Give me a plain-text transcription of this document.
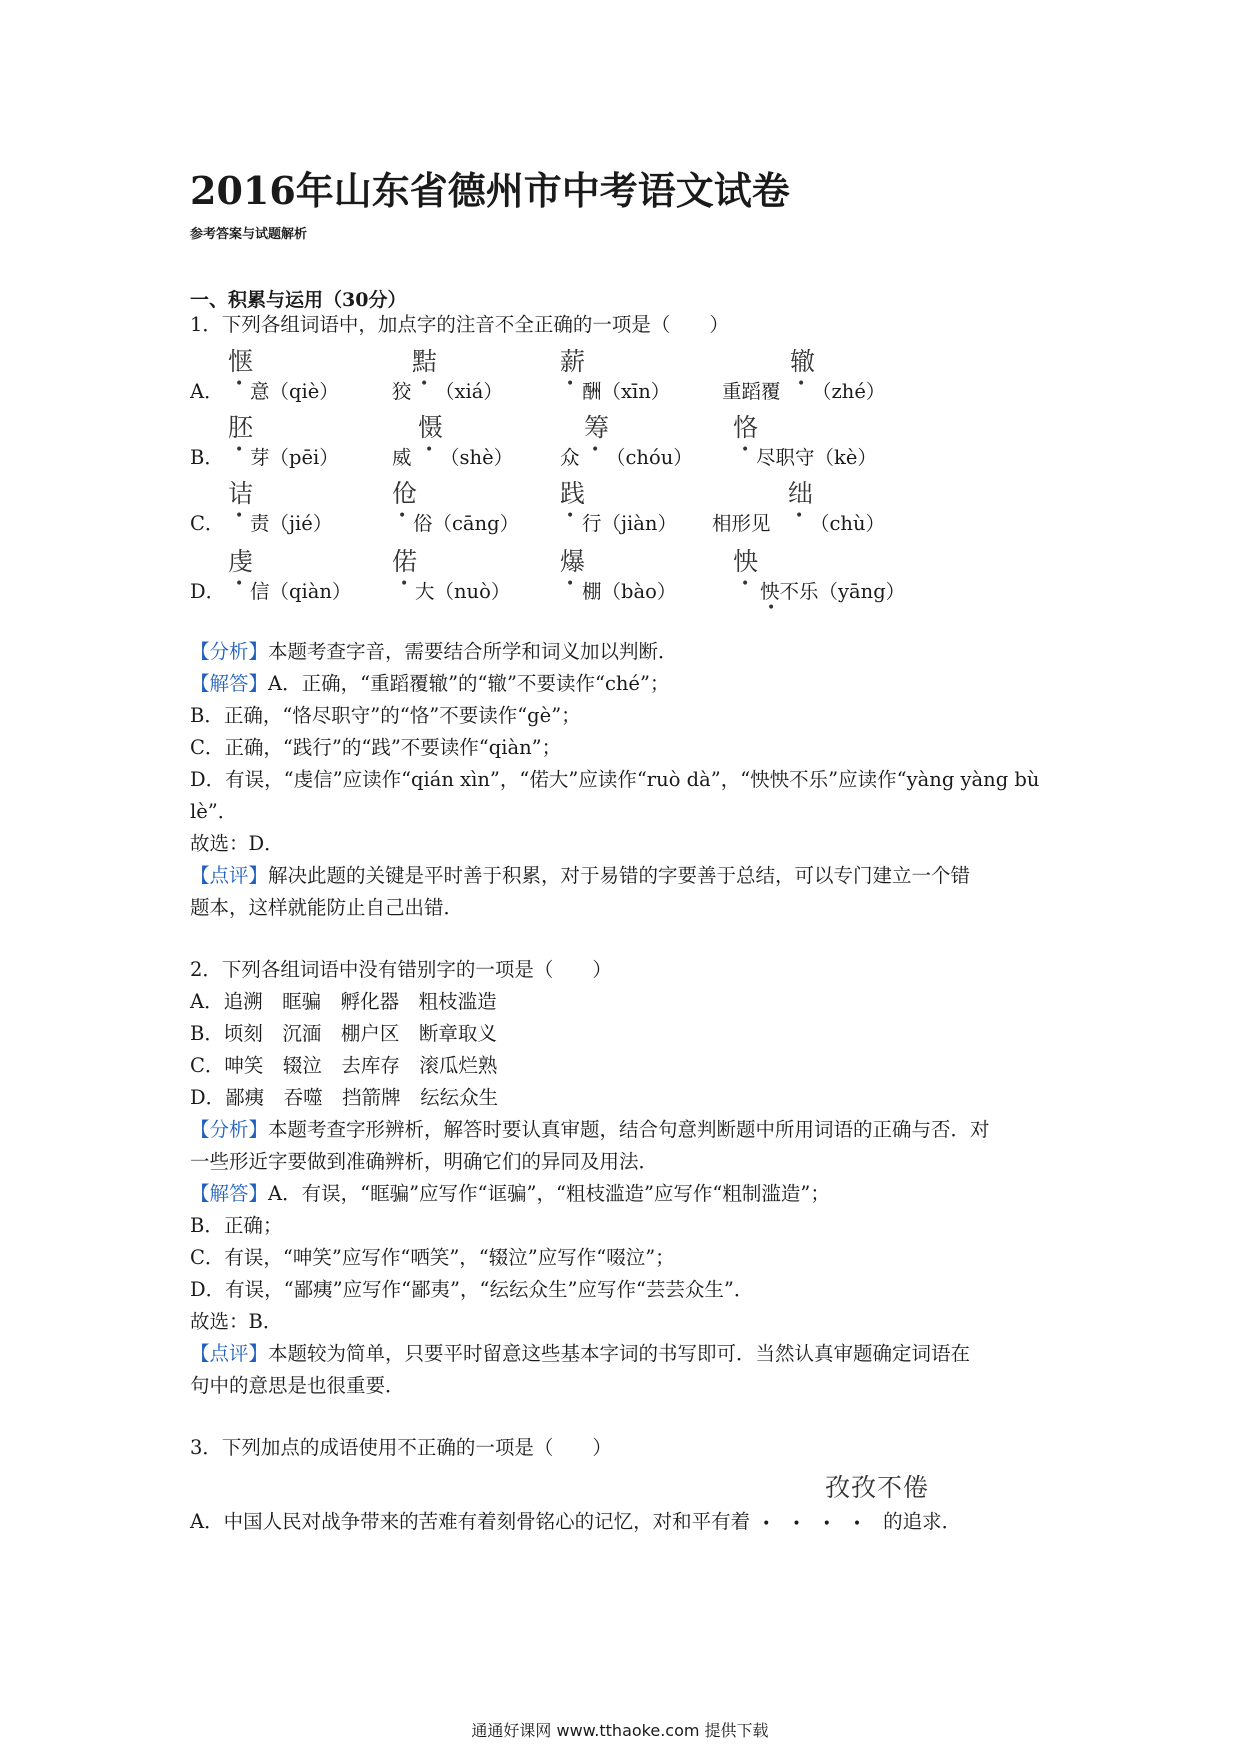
2016年山东省德州市中考语文试卷
参考答案与试题解析
一、积累与运用（30分）
1．下列各组词语中，加点字的注音不全正确的一项是（　　）
惬	黠	薪	辙
A． • 意（qiè）	狡 • （xiá）	• 酬（xīn）	重蹈覆 • （zhé）
胚	慑	筹	恪
B． • 芽（pēi）	威 • （shè） 众 • （chóu）	• 尽职守（kè）
诘	伧	践	绌
C． • 责（jié）	• 俗（cāng）	• 行（jiàn） 相形见 • （chù）
虔	偌	爆	怏
D． • 信（qiàn）	• 大（nuò）	• 棚（bào）	• 怏不乐（yāng）
•
【分析】本题考查字音，需要结合所学和词义加以判断．
【解答】A．正确，“重蹈覆辙”的“辙”不要读作“ché”；
B．正确，“恪尽职守”的“恪”不要读作“gè”；
C．正确，“践行”的“践”不要读作“qiàn”；
D．有误，“虔信”应读作“qián xìn”，“偌大”应读作“ruò dà”，“怏怏不乐”应读作“yàng yàng bù
lè”．
故选：D．
【点评】解决此题的关键是平时善于积累，对于易错的字要善于总结，可以专门建立一个错
题本，这样就能防止自己出错．
2．下列各组词语中没有错别字的一项是（　　）
A．追溯　眶骗　孵化器　粗枝滥造
B．顷刻　沉湎　棚户区　断章取义
C．呻笑　辍泣　去库存　滚瓜烂熟
D．鄙痍　吞噬　挡箭牌　纭纭众生
【分析】本题考查字形辨析，解答时要认真审题，结合句意判断题中所用词语的正确与否．对
一些形近字要做到准确辨析，明确它们的异同及用法．
【解答】A．有误，“眶骗”应写作“诓骗”，“粗枝滥造”应写作“粗制滥造”；
B．正确；
C．有误，“呻笑”应写作“哂笑”，“辍泣”应写作“啜泣”；
D．有误，“鄙痍”应写作“鄙夷”，“纭纭众生”应写作“芸芸众生”．
故选：B．
【点评】本题较为简单，只要平时留意这些基本字词的书写即可．当然认真审题确定词语在
句中的意思是也很重要．
3．下列加点的成语使用不正确的一项是（　　）
孜孜不倦
A．中国人民对战争带来的苦难有着刻骨铭心的记忆，对和平有着 ••••的追求．
通通好课网 www.tthaoke.com 提供下载
